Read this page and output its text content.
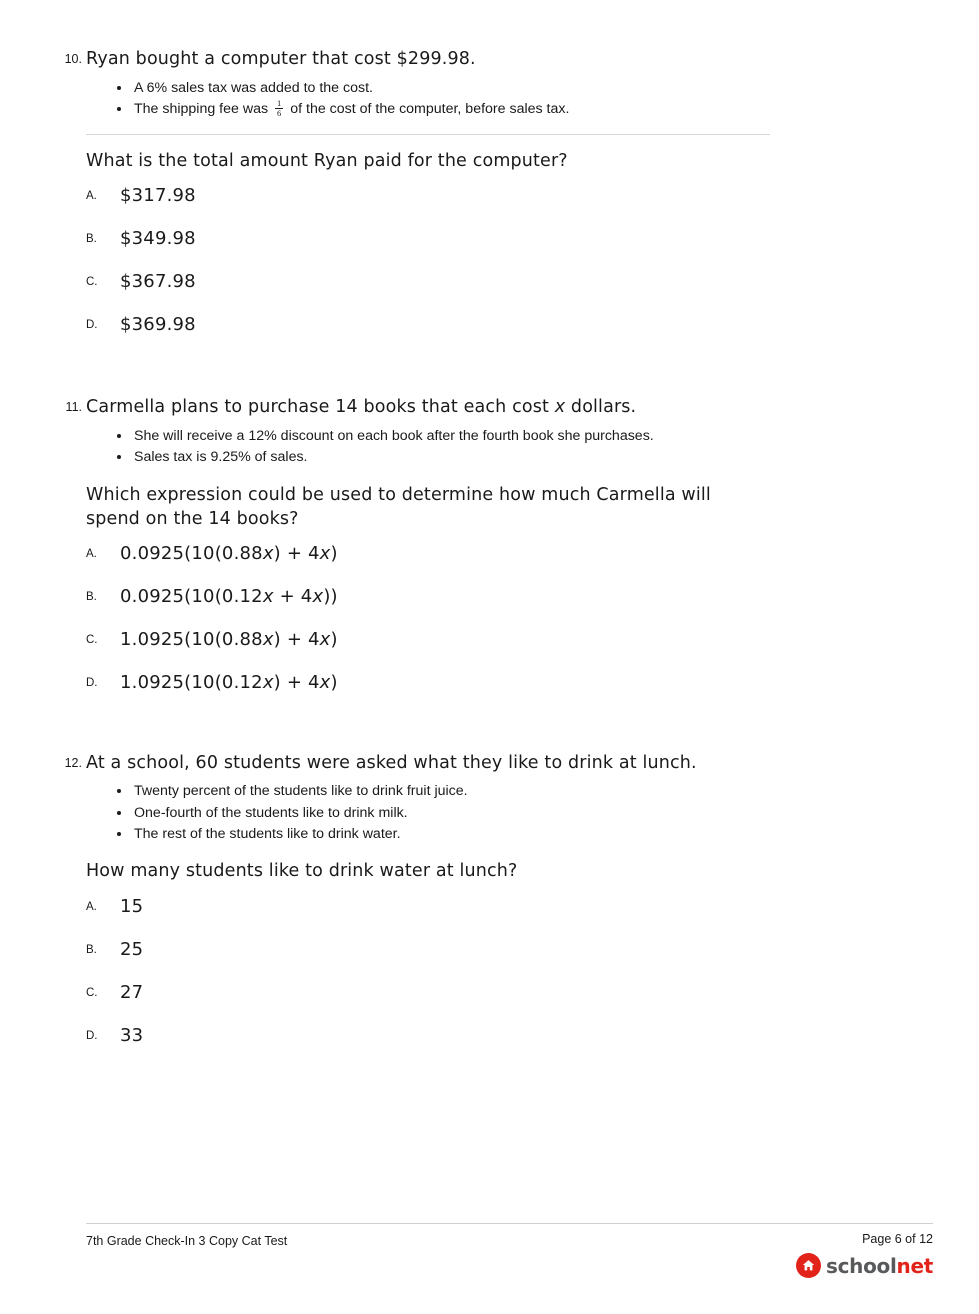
10. Ryan bought a computer that cost $299.98.
• A 6% sales tax was added to the cost.
• The shipping fee was $\frac{1}{6}$ of the cost of the computer, before sales tax.
What is the total amount Ryan paid for the computer?
A. $317.98
B. $349.98
C. $367.98
D. $369.98
11. Carmella plans to purchase 14 books that each cost x dollars.
• She will receive a 12% discount on each book after the fourth book she purchases.
• Sales tax is 9.25% of sales.
Which expression could be used to determine how much Carmella will spend on the 14 books?
A. 0.0925(10(0.88x) + 4x)
B. 0.0925(10(0.12x + 4x))
C. 1.0925(10(0.88x) + 4x)
D. 1.0925(10(0.12x) + 4x)
12. At a school, 60 students were asked what they like to drink at lunch.
• Twenty percent of the students like to drink fruit juice.
• One-fourth of the students like to drink milk.
• The rest of the students like to drink water.
How many students like to drink water at lunch?
A. 15
B. 25
C. 27
D. 33
7th Grade Check-In 3 Copy Cat Test	Page 6 of 12
schoolnet
